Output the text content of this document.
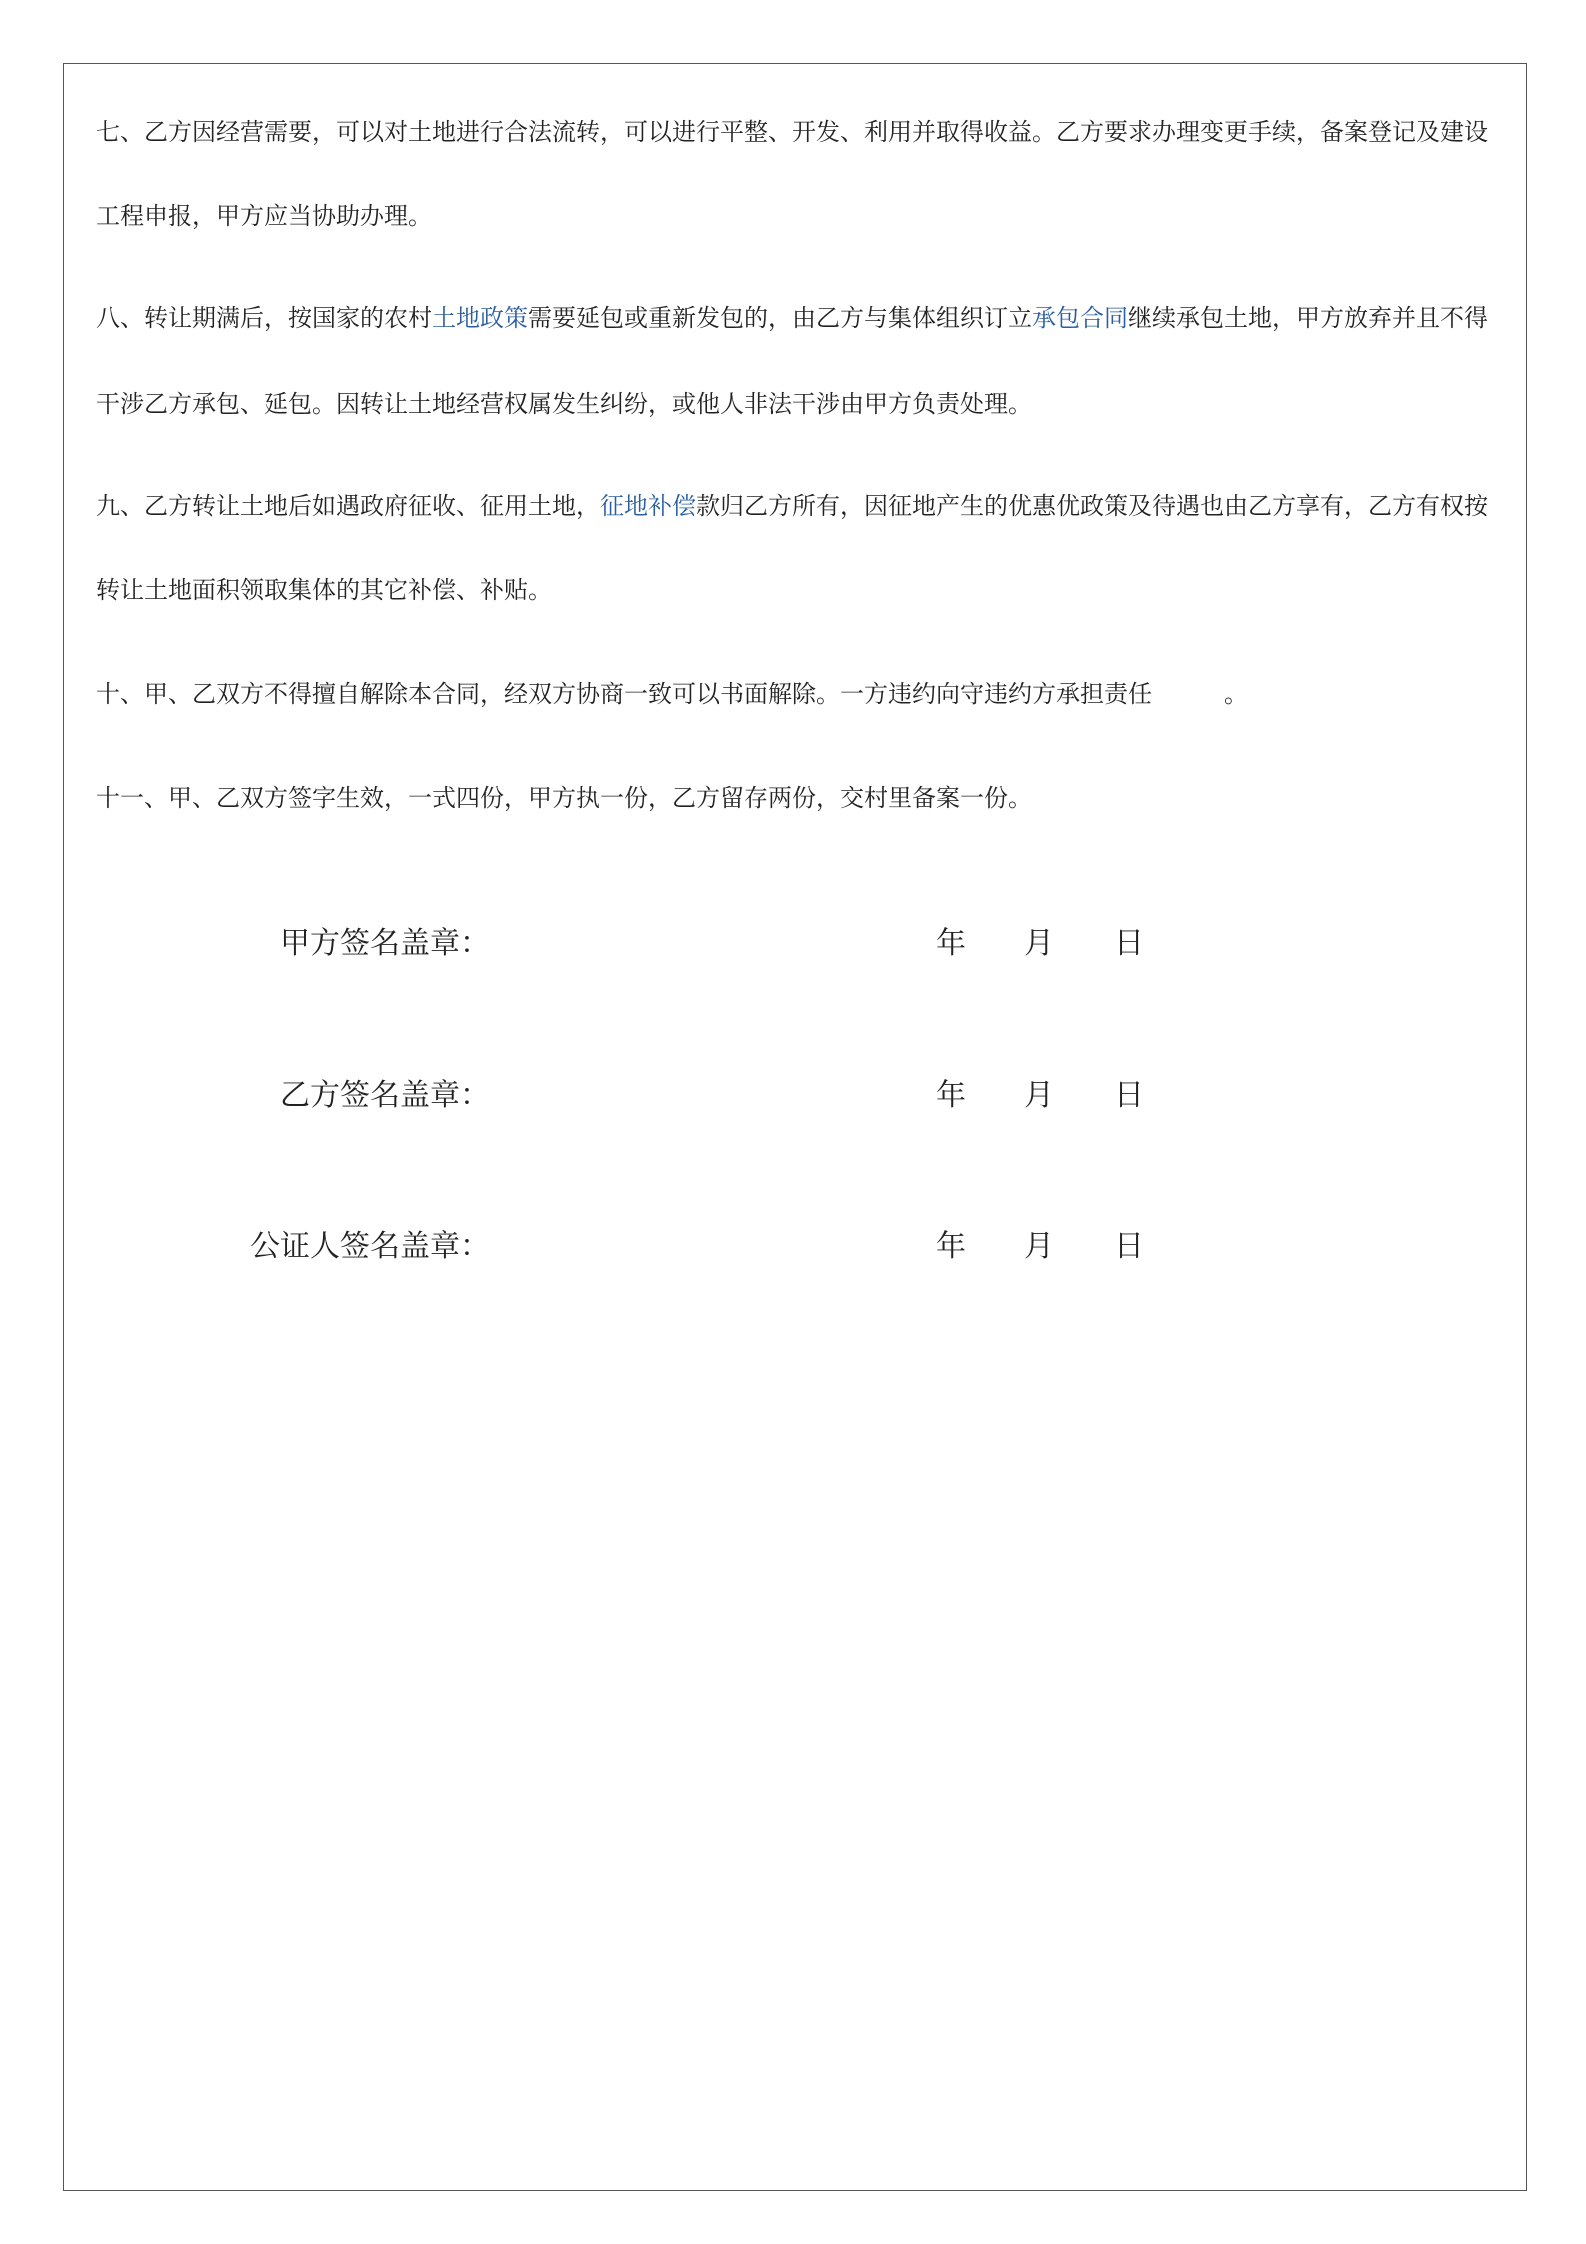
七、乙方因经营需要，可以对土地进行合法流转，可以进行平整、开发、利用并取得收益。乙方要求办理变更手续，备案登记及建设
工程申报，甲方应当协助办理。
八、转让期满后，按国家的农村土地政策需要延包或重新发包的，由乙方与集体组织订立承包合同继续承包土地，甲方放弃并且不得
干涉乙方承包、延包。因转让土地经营权属发生纠纷，或他人非法干涉由甲方负责处理。
九、乙方转让土地后如遇政府征收、征用土地，征地补偿款归乙方所有，因征地产生的优惠优政策及待遇也由乙方享有，乙方有权按
转让土地面积领取集体的其它补偿、补贴。
十、甲、乙双方不得擅自解除本合同，经双方协商一致可以书面解除。一方违约向守违约方承担责任　　　。
十一、甲、乙双方签字生效，一式四份，甲方执一份，乙方留存两份，交村里备案一份。
甲方签名盖章：	年 月 日
乙方签名盖章：	年 月 日
公证人签名盖章：	年 月 日
